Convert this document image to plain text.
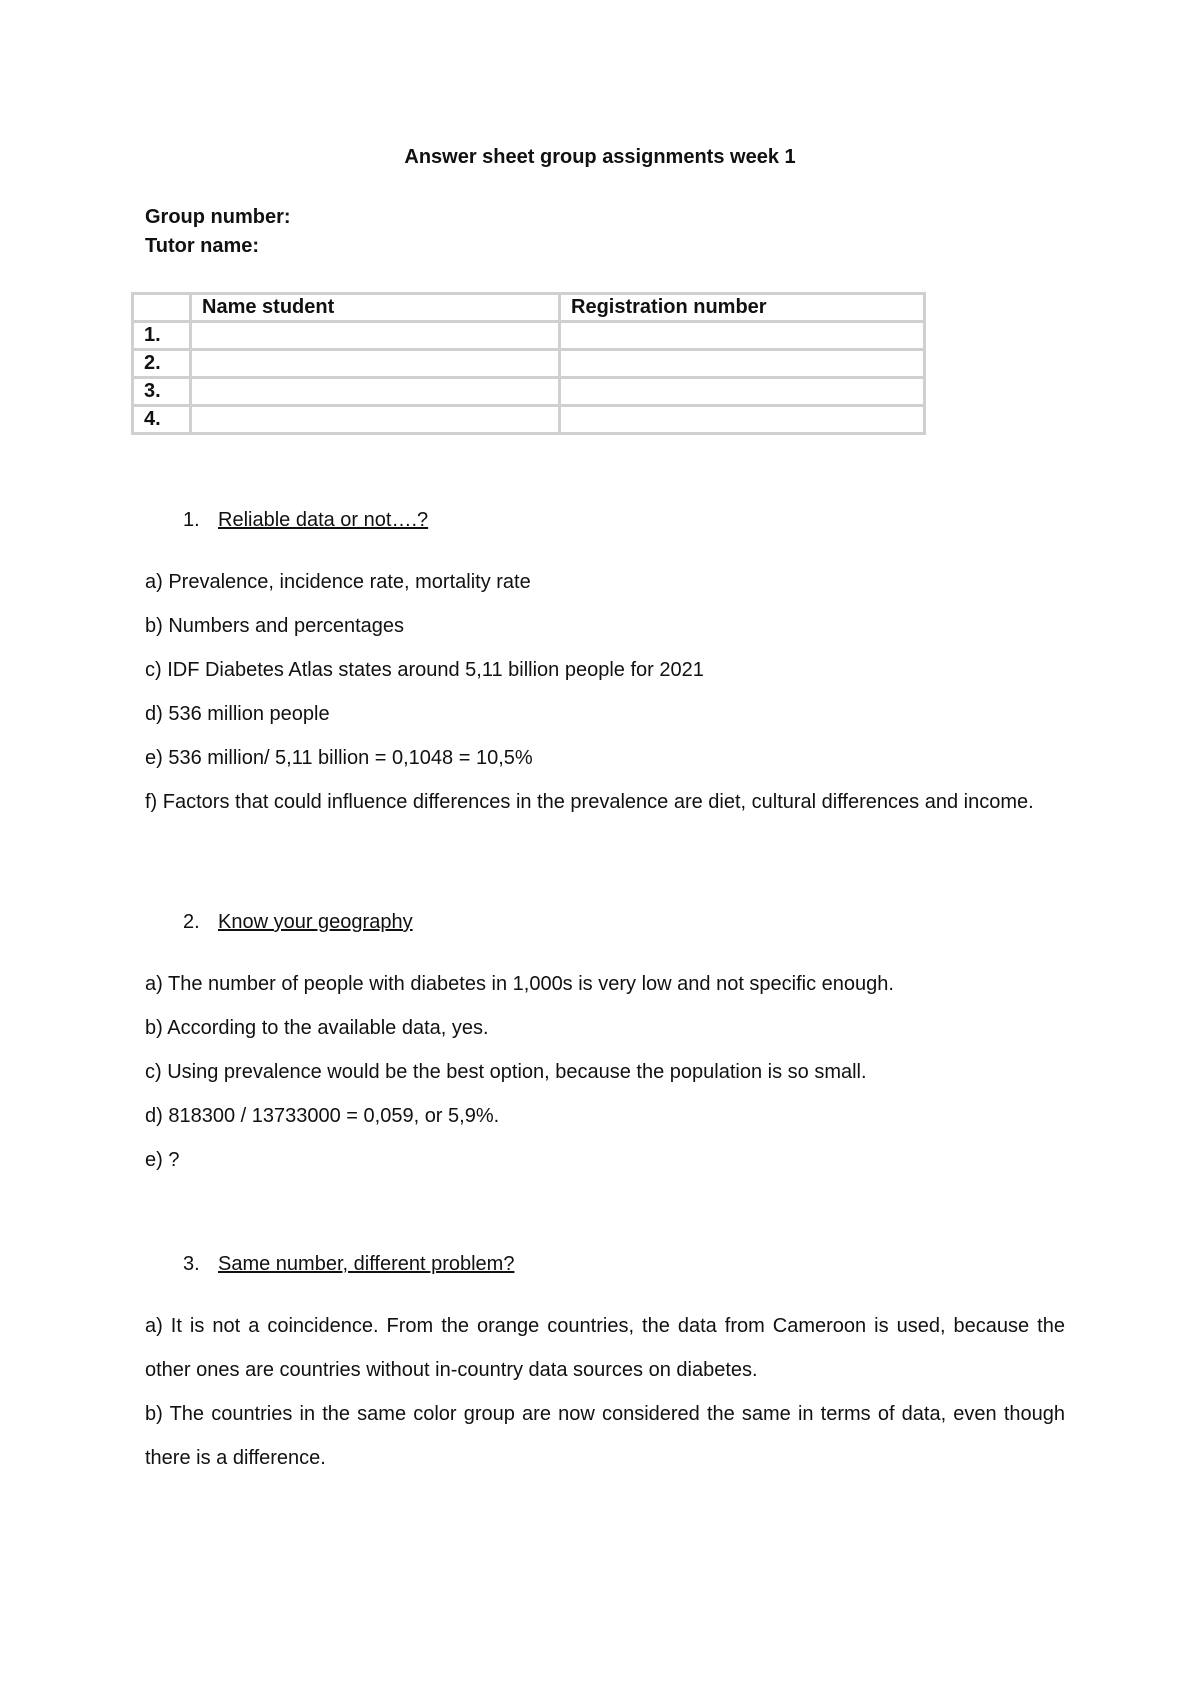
Answer sheet group assignments week 1
Group number:
Tutor name:
	Name student	Registration number
1.		
2.		
3.		
4.		
1. Reliable data or not….?
a) Prevalence, incidence rate, mortality rate
b) Numbers and percentages
c) IDF Diabetes Atlas states around 5,11 billion people for 2021
d) 536 million people
e) 536 million/ 5,11 billion = 0,1048 = 10,5%
f) Factors that could influence differences in the prevalence are diet, cultural differences and income.
2. Know your geography
a) The number of people with diabetes in 1,000s is very low and not specific enough.
b) According to the available data, yes.
c) Using prevalence would be the best option, because the population is so small.
d) 818300 / 13733000 = 0,059, or 5,9%.
e) ?
3. Same number, different problem?
a) It is not a coincidence. From the orange countries, the data from Cameroon is used, because the other ones are countries without in-country data sources on diabetes.
b) The countries in the same color group are now considered the same in terms of data, even though there is a difference.
